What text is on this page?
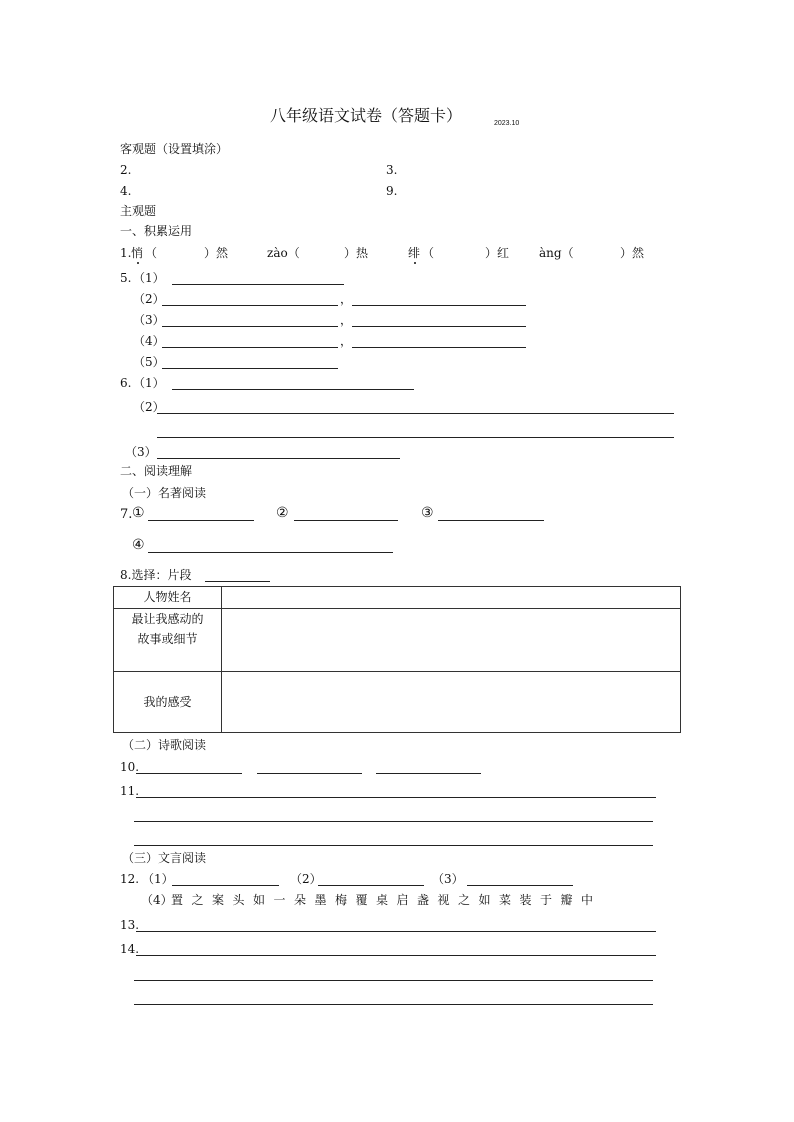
八年级语文试卷（答题卡）	2023.10
客观题（设置填涂）
2.	3.
4.	9.
主观题
一、积累运用
1. 悄 （	）然	zào（	）热	绯 （	）红 àng（	）然
5. （1）
（2）	，
（3）	，
（4）	，
（5）
6. （1）
（2）
（3）
二、阅读理解
（一）名著阅读
7. ①	②	③
④
8.选择：片段
人物姓名
最让我感动的
故事或细节
我的感受
（二）诗歌阅读
10.
11.
（三）文言阅读
12. （1）	（2）	（3）
（4）
置之案头如一朵墨梅覆桌启盏视之如菜装于瓣中
13.
14.
